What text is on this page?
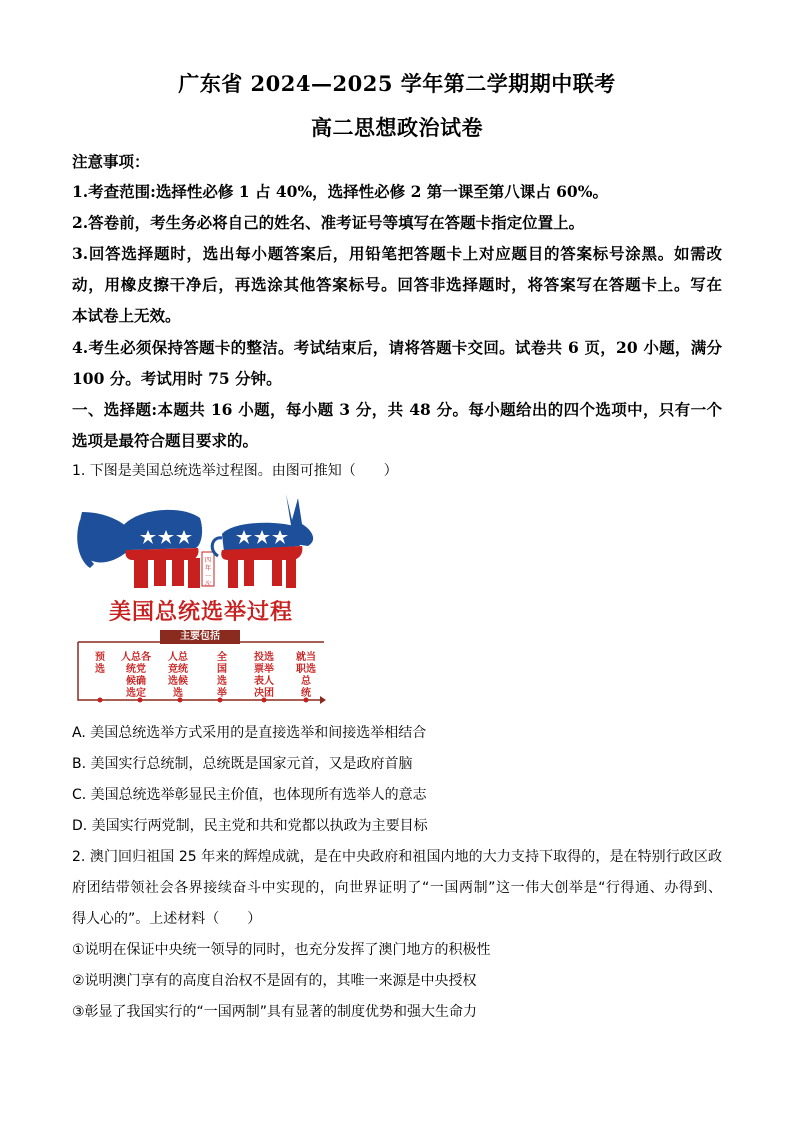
广东省 2024—2025 学年第二学期期中联考
高二思想政治试卷
注意事项：
1.考查范围:选择性必修 1 占 40%，选择性必修 2 第一课至第八课占 60%。
2.答卷前，考生务必将自己的姓名、准考证号等填写在答题卡指定位置上。
3.回答选择题时，选出每小题答案后，用铅笔把答题卡上对应题目的答案标号涂黑。如需改
动，用橡皮擦干净后，再选涂其他答案标号。回答非选择题时，将答案写在答题卡上。写在
本试卷上无效。
4.考生必须保持答题卡的整洁。考试结束后，请将答题卡交回。试卷共 6 页，20 小题，满分
100 分。考试用时 75 分钟。
一、选择题:本题共 16 小题，每小题 3 分，共 48 分。每小题给出的四个选项中，只有一个
选项是最符合题目要求的。
1. 下图是美国总统选举过程图。由图可推知（　　）
四
年
一
次
美国总统选举过程
主要包括
预
选
人总各
统党
候确
选定
人总
竞统
选候
选
全
国
选
举
投选
票举
表人
决团
就当
职选
总
统
A. 美国总统选举方式采用的是直接选举和间接选举相结合
B. 美国实行总统制，总统既是国家元首，又是政府首脑
C. 美国总统选举彰显民主价值，也体现所有选举人的意志
D. 美国实行两党制，民主党和共和党都以执政为主要目标
2. 澳门回归祖国 25 年来的辉煌成就，是在中央政府和祖国内地的大力支持下取得的，是在特别行政区政
府团结带领社会各界接续奋斗中实现的，向世界证明了“一国两制”这一伟大创举是“行得通、办得到、
得人心的”。上述材料（　　）
①说明在保证中央统一领导的同时，也充分发挥了澳门地方的积极性
②说明澳门享有的高度自治权不是固有的，其唯一来源是中央授权
③彰显了我国实行的“一国两制”具有显著的制度优势和强大生命力
